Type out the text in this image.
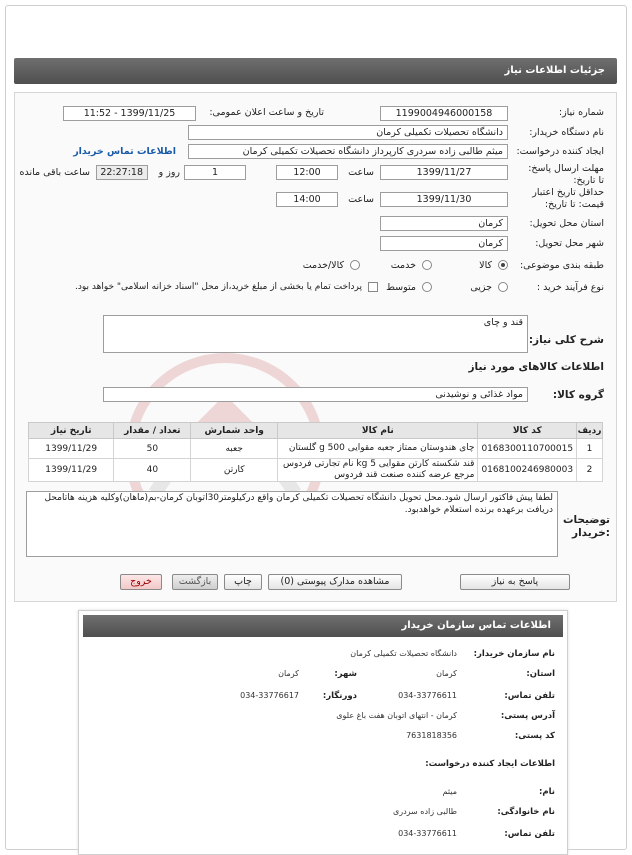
جزئیات اطلاعات نیاز
شماره نیاز:
1199004946000158
تاریخ و ساعت اعلان عمومی:
1399/11/25 - 11:52
نام دستگاه خریدار:
دانشگاه تحصیلات تکمیلی کرمان
ایجاد کننده درخواست:
میثم طالبی زاده سردری کارپرداز دانشگاه تحصیلات تکمیلی کرمان
اطلاعات تماس خریدار
مهلت ارسال پاسخ: تا تاریخ:
1399/11/27
ساعت
12:00
1
روز و
22:27:18
ساعت باقی مانده
حداقل تاریخ اعتبار قیمت: تا تاریخ:
1399/11/30
ساعت
14:00
استان محل تحویل:
کرمان
شهر محل تحویل:
کرمان
طبقه بندی موضوعی:
کالا
خدمت
کالا/خدمت
نوع فرآیند خرید :
جزیی
متوسط
پرداخت تمام یا بخشی از مبلغ خرید،از محل "اسناد خزانه اسلامی" خواهد بود.
شرح کلی نیاز:
قند و چای
اطلاعات کالاهای مورد نیاز
گروه کالا:
مواد غذائی و نوشیدنی
ردیف	کد کالا	نام کالا	واحد شمارش	تعداد / مقدار	تاریخ نیاز
1	0168300110700015	چای هندوستان ممتاز جعبه مقوایی 500 g گلستان	جعبه	50	1399/11/29
2	0168100246980003	قند شکسته کارتن مقوایی 5 kg نام تجارتی فردوس مرجع عرضه کننده صنعت قند فردوس	کارتن	40	1399/11/29
توضیحات خریدار:
لطفا پیش فاکتور ارسال شود.محل تحویل دانشگاه تحصیلات تکمیلی کرمان واقع درکیلومتر30اتوبان کرمان-بم(ماهان)وکلیه هزینه هاتامحل دریافت برعهده برنده استعلام خواهدبود.
پاسخ به نیاز
مشاهده مدارک پیوستی (0)
چاپ
بازگشت
خروج
اطلاعات تماس سازمان خریدار
نام سازمان خریدار:
دانشگاه تحصیلات تکمیلی کرمان
استان:
کرمان
شهر:
کرمان
تلفن تماس:
034-33776611
دورنگار:
034-33776617
آدرس پستی:
کرمان - انتهای اتوبان هفت باغ علوی
کد پستی:
7631818356
اطلاعات ایجاد کننده درخواست:
نام:
میثم
نام خانوادگی:
طالبی زاده سردری
تلفن تماس:
034-33776611
